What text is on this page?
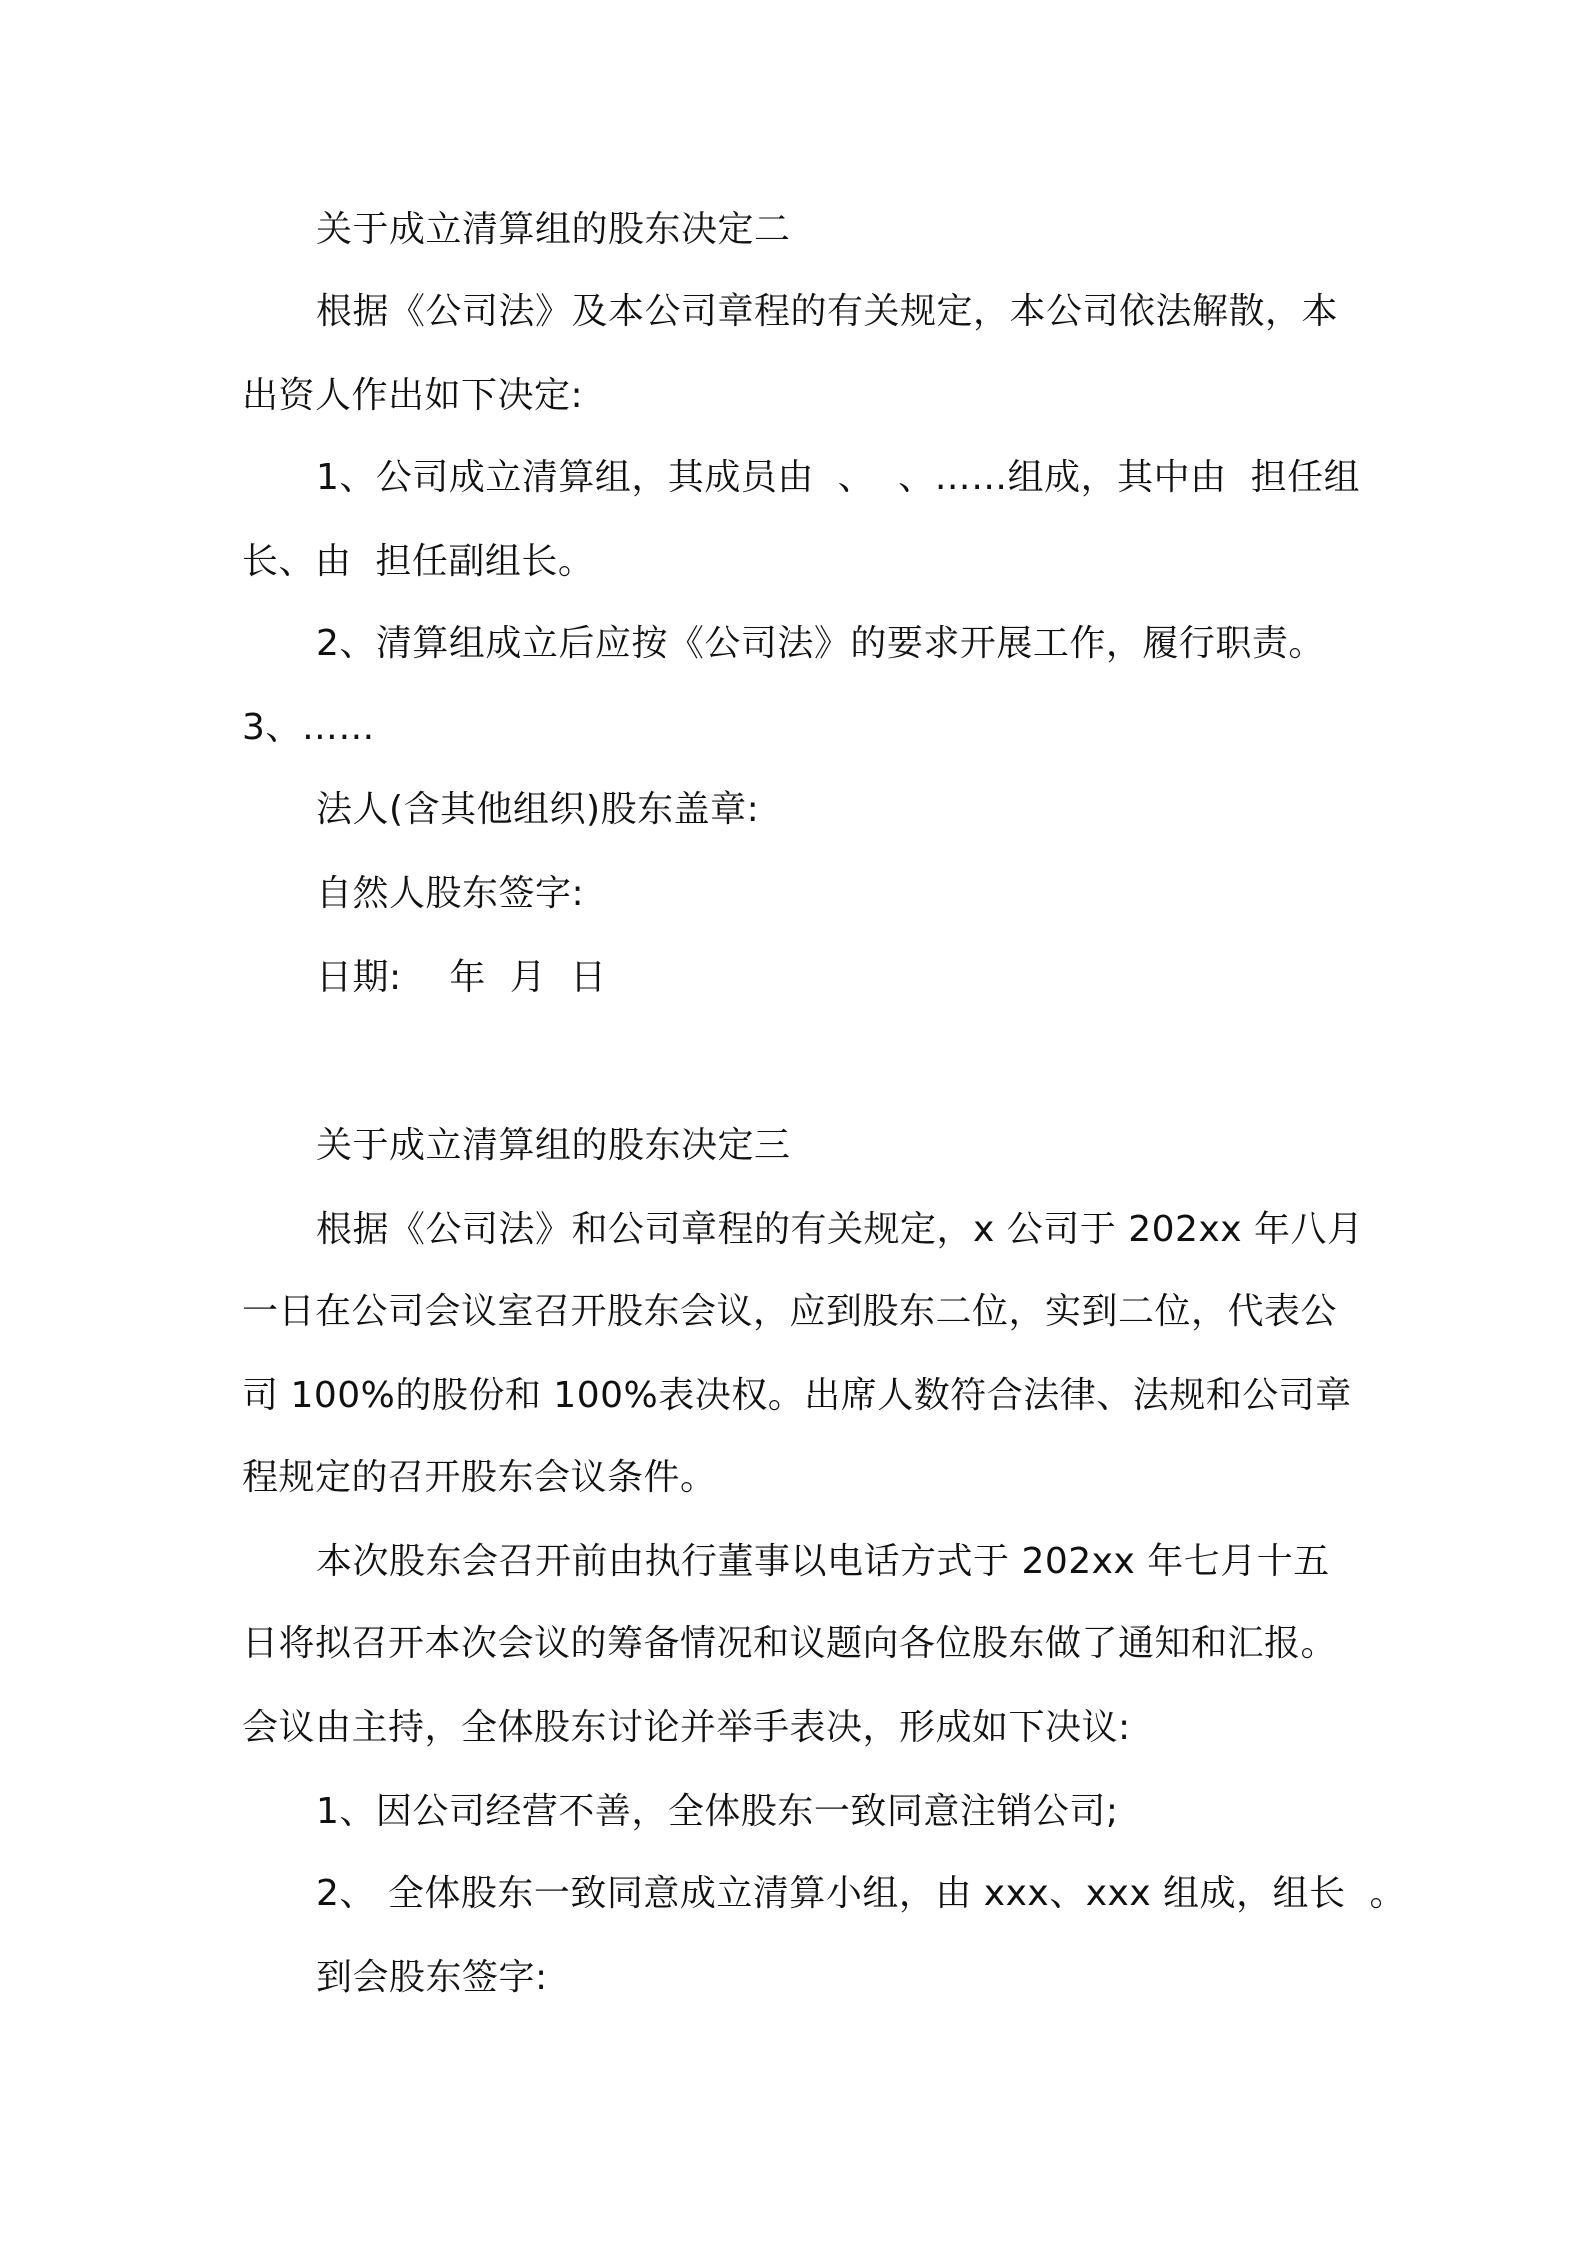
关于成立清算组的股东决定二
根据《公司法》及本公司章程的有关规定，本公司依法解散，本
出资人作出如下决定:
1、公司成立清算组，其成员由  、  、……组成，其中由  担任组
长、由  担任副组长。
2、清算组成立后应按《公司法》的要求开展工作，履行职责。
3、……
法人(含其他组织)股东盖章:
自然人股东签字:
日期:    年  月  日
关于成立清算组的股东决定三
根据《公司法》和公司章程的有关规定，x 公司于 202xx 年八月
一日在公司会议室召开股东会议，应到股东二位，实到二位，代表公
司 100%的股份和 100%表决权。出席人数符合法律、法规和公司章
程规定的召开股东会议条件。
本次股东会召开前由执行董事以电话方式于 202xx 年七月十五
日将拟召开本次会议的筹备情况和议题向各位股东做了通知和汇报。
会议由主持，全体股东讨论并举手表决，形成如下决议:
1、因公司经营不善，全体股东一致同意注销公司;
2、 全体股东一致同意成立清算小组，由 xxx、xxx 组成，组长  。
到会股东签字:
